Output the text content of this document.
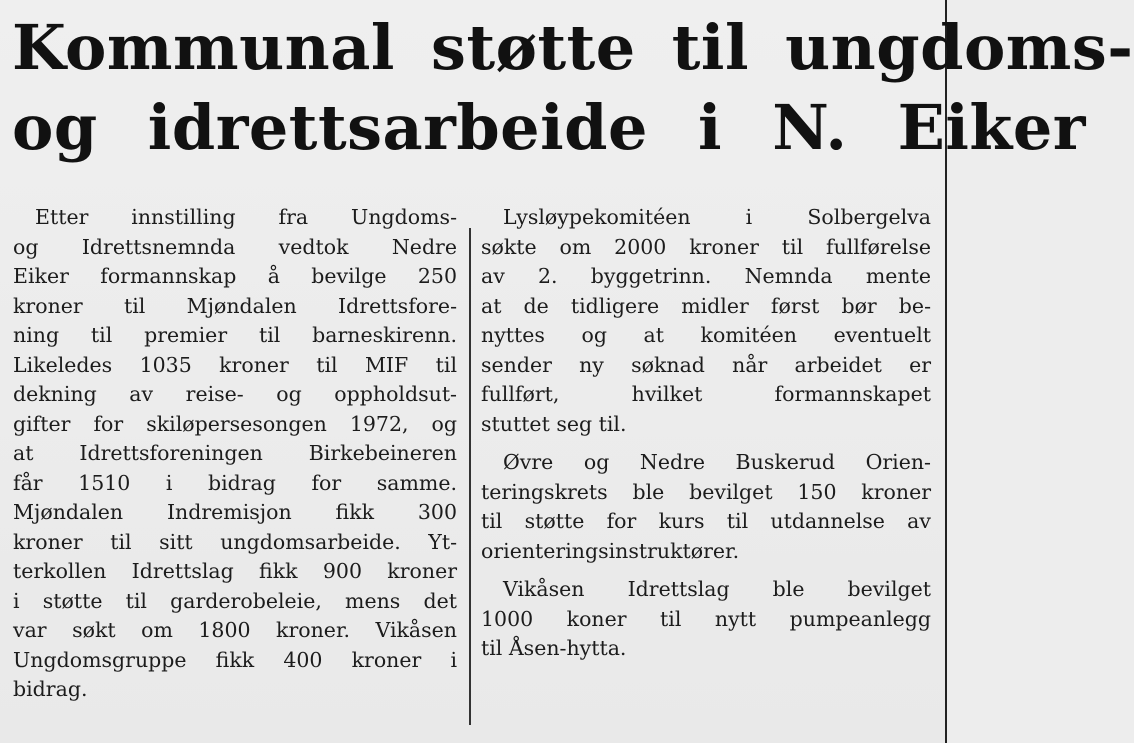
Kommunal støtte til ungdoms-
og idrettsarbeide i N. Eiker

Etter innstilling fra Ungdoms-
og Idrettsnemnda vedtok Nedre
Eiker formannskap å bevilge 250
kroner til Mjøndalen Idrettsfore-
ning til premier til barneskirenn.
Likeledes 1035 kroner til MIF til
dekning av reise- og oppholdsut-
gifter for skiløpersesongen 1972, og
at Idrettsforeningen Birkebeineren
får 1510 i bidrag for samme.
Mjøndalen Indremisjon fikk 300
kroner til sitt ungdomsarbeide. Yt-
terkollen Idrettslag fikk 900 kroner
i støtte til garderobeleie, mens det
var søkt om 1800 kroner. Vikåsen
Ungdomsgruppe fikk 400 kroner i
bidrag.

Lysløypekomitéen i Solbergelva
søkte om 2000 kroner til fullførelse
av 2. byggetrinn. Nemnda mente
at de tidligere midler først bør be-
nyttes og at komitéen eventuelt
sender ny søknad når arbeidet er
fullført, hvilket formannskapet
stuttet seg til.

Øvre og Nedre Buskerud Orien-
teringskrets ble bevilget 150 kroner
til støtte for kurs til utdannelse av
orienteringsinstruktører.

Vikåsen Idrettslag ble bevilget
1000 koner til nytt pumpeanlegg
til Åsen-hytta.
